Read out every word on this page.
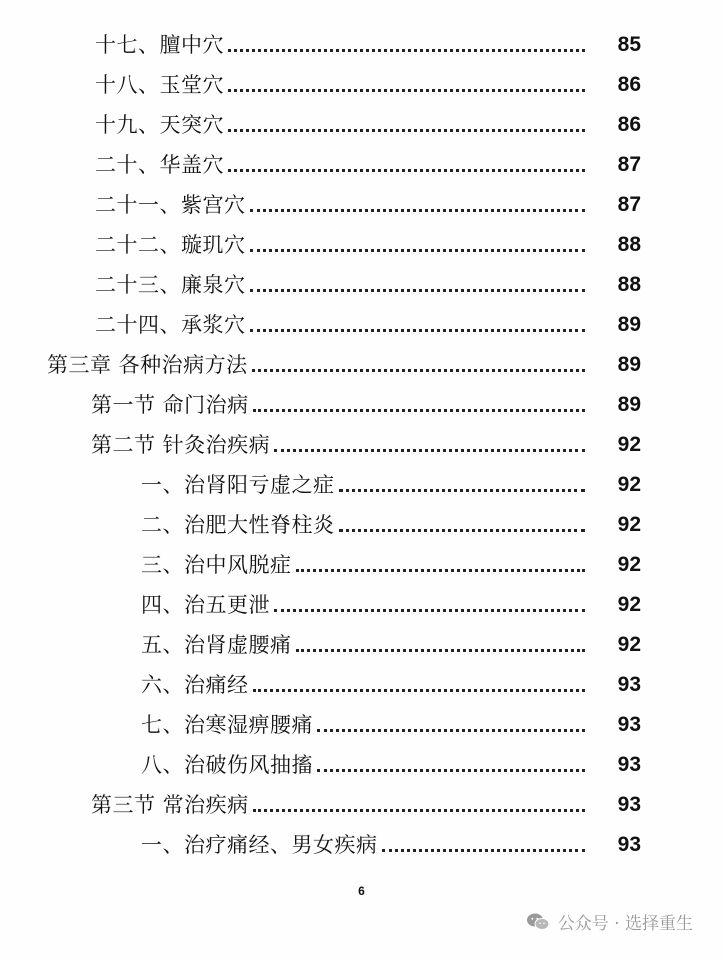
十七、膻中穴	85
十八、玉堂穴	86
十九、天突穴	86
二十、华盖穴	87
二十一、紫宫穴	87
二十二、璇玑穴	88
二十三、廉泉穴	88
二十四、承浆穴	89
第三章 各种治病方法	89
第一节 命门治病	89
第二节 针灸治疾病	92
一、治肾阳亏虚之症	92
二、治肥大性脊柱炎	92
三、治中风脱症	92
四、治五更泄	92
五、治肾虚腰痛	92
六、治痛经	93
七、治寒湿痹腰痛	93
八、治破伤风抽搐	93
第三节 常治疾病	93
一、治疗痛经、男女疾病	93
6
公众号 · 选择重生
